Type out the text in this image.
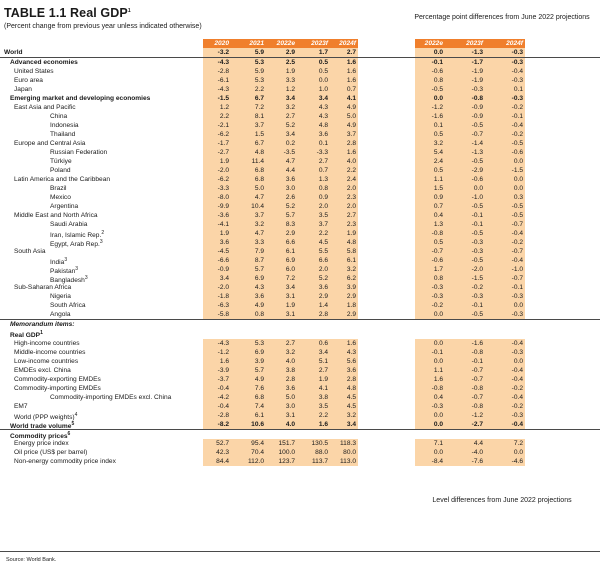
TABLE 1.1 Real GDP$^1$
(Percent change from previous year unless indicated otherwise)
Percentage point differences from June 2022 projections
2020	2021	2022e	2023f	2024f	2022e	2023f	2024f
World	-3.2	5.9	2.9	1.7	2.7	0.0	-1.3	-0.3
Advanced economies	-4.3	5.3	2.5	0.5	1.6	-0.1	-1.7	-0.3
United States	-2.8	5.9	1.9	0.5	1.6	-0.6	-1.9	-0.4
Euro area	-6.1	5.3	3.3	0.0	1.6	0.8	-1.9	-0.3
Japan	-4.3	2.2	1.2	1.0	0.7	-0.5	-0.3	0.1
Emerging market and developing economies	-1.5	6.7	3.4	3.4	4.1	0.0	-0.8	-0.3
East Asia and Pacific	1.2	7.2	3.2	4.3	4.9	-1.2	-0.9	-0.2
China	2.2	8.1	2.7	4.3	5.0	-1.6	-0.9	-0.1
Indonesia	-2.1	3.7	5.2	4.8	4.9	0.1	-0.5	-0.4
Thailand	-6.2	1.5	3.4	3.6	3.7	0.5	-0.7	-0.2
Europe and Central Asia	-1.7	6.7	0.2	0.1	2.8	3.2	-1.4	-0.5
Russian Federation	-2.7	4.8	-3.5	-3.3	1.6	5.4	-1.3	-0.6
Türkiye	1.9	11.4	4.7	2.7	4.0	2.4	-0.5	0.0
Poland	-2.0	6.8	4.4	0.7	2.2	0.5	-2.9	-1.5
Latin America and the Caribbean	-6.2	6.8	3.6	1.3	2.4	1.1	-0.6	0.0
Brazil	-3.3	5.0	3.0	0.8	2.0	1.5	0.0	0.0
Mexico	-8.0	4.7	2.6	0.9	2.3	0.9	-1.0	0.3
Argentina	-9.9	10.4	5.2	2.0	2.0	0.7	-0.5	-0.5
Middle East and North Africa	-3.6	3.7	5.7	3.5	2.7	0.4	-0.1	-0.5
Saudi Arabia	-4.1	3.2	8.3	3.7	2.3	1.3	-0.1	-0.7
Iran, Islamic Rep.$^2$	1.9	4.7	2.9	2.2	1.9	-0.8	-0.5	-0.4
Egypt, Arab Rep.$^3$	3.6	3.3	6.6	4.5	4.8	0.5	-0.3	-0.2
South Asia	-4.5	7.9	6.1	5.5	5.8	-0.7	-0.3	-0.7
India$^3$	-6.6	8.7	6.9	6.6	6.1	-0.6	-0.5	-0.4
Pakistan$^3$	-0.9	5.7	6.0	2.0	3.2	1.7	-2.0	-1.0
Bangladesh$^3$	3.4	6.9	7.2	5.2	6.2	0.8	-1.5	-0.7
Sub-Saharan Africa	-2.0	4.3	3.4	3.6	3.9	-0.3	-0.2	-0.1
Nigeria	-1.8	3.6	3.1	2.9	2.9	-0.3	-0.3	-0.3
South Africa	-6.3	4.9	1.9	1.4	1.8	-0.2	-0.1	0.0
Angola	-5.8	0.8	3.1	2.8	2.9	0.0	-0.5	-0.3
Memorandum items:
Real GDP$^1$
High-income countries	-4.3	5.3	2.7	0.6	1.6	0.0	-1.6	-0.4
Middle-income countries	-1.2	6.9	3.2	3.4	4.3	-0.1	-0.8	-0.3
Low-income countries	1.6	3.9	4.0	5.1	5.6	0.0	-0.1	0.0
EMDEs excl. China	-3.9	5.7	3.8	2.7	3.6	1.1	-0.7	-0.4
Commodity-exporting EMDEs	-3.7	4.9	2.8	1.9	2.8	1.6	-0.7	-0.4
Commodity-importing EMDEs	-0.4	7.6	3.6	4.1	4.8	-0.8	-0.8	-0.2
Commodity-importing EMDEs excl. China	-4.2	6.8	5.0	3.8	4.5	0.4	-0.7	-0.4
EM7	-0.4	7.4	3.0	3.5	4.5	-0.3	-0.8	-0.2
World (PPP weights)$^4$	-2.8	6.1	3.1	2.2	3.2	0.0	-1.2	-0.3
World trade volume$^5$	-8.2	10.6	4.0	1.6	3.4	0.0	-2.7	-0.4
Commodity prices$^6$
Energy price index	52.7	95.4	151.7	130.5	118.3	7.1	4.4	7.2
Oil price (US$ per barrel)	42.3	70.4	100.0	88.0	80.0	0.0	-4.0	0.0
Non-energy commodity price index	84.4	112.0	123.7	113.7	113.0	-8.4	-7.6	-4.6
Level differences from June 2022 projections
Source: World Bank.
